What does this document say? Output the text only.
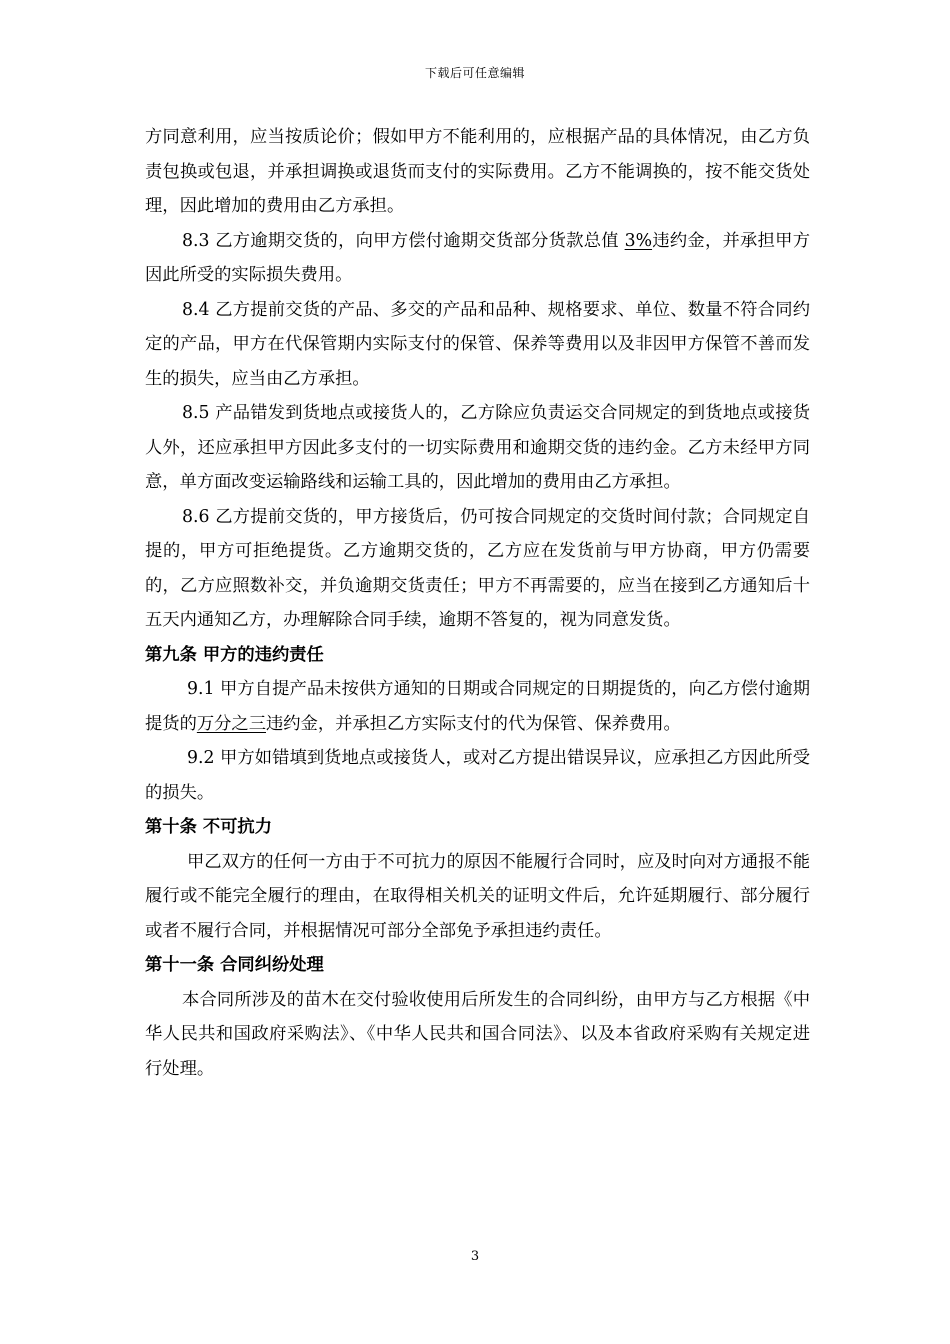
下载后可任意编辑

方同意利用，应当按质论价；假如甲方不能利用的，应根据产品的具体情况，由乙方负责包换或包退，并承担调换或退货而支付的实际费用。乙方不能调换的，按不能交货处理，因此增加的费用由乙方承担。

8.3 乙方逾期交货的，向甲方偿付逾期交货部分货款总值 3%违约金，并承担甲方因此所受的实际损失费用。

8.4 乙方提前交货的产品、多交的产品和品种、规格要求、单位、数量不符合同约定的产品，甲方在代保管期内实际支付的保管、保养等费用以及非因甲方保管不善而发生的损失，应当由乙方承担。

8.5 产品错发到货地点或接货人的，乙方除应负责运交合同规定的到货地点或接货人外，还应承担甲方因此多支付的一切实际费用和逾期交货的违约金。乙方未经甲方同意，单方面改变运输路线和运输工具的，因此增加的费用由乙方承担。

8.6 乙方提前交货的，甲方接货后，仍可按合同规定的交货时间付款；合同规定自提的，甲方可拒绝提货。乙方逾期交货的，乙方应在发货前与甲方协商，甲方仍需要的，乙方应照数补交，并负逾期交货责任；甲方不再需要的，应当在接到乙方通知后十五天内通知乙方，办理解除合同手续，逾期不答复的，视为同意发货。

第九条 甲方的违约责任

9.1 甲方自提产品未按供方通知的日期或合同规定的日期提货的，向乙方偿付逾期提货的万分之三违约金，并承担乙方实际支付的代为保管、保养费用。

9.2 甲方如错填到货地点或接货人，或对乙方提出错误异议，应承担乙方因此所受的损失。

第十条 不可抗力

甲乙双方的任何一方由于不可抗力的原因不能履行合同时，应及时向对方通报不能履行或不能完全履行的理由，在取得相关机关的证明文件后，允许延期履行、部分履行或者不履行合同，并根据情况可部分全部免予承担违约责任。

第十一条 合同纠纷处理

本合同所涉及的苗木在交付验收使用后所发生的合同纠纷，由甲方与乙方根据《中华人民共和国政府采购法》、《中华人民共和国合同法》、以及本省政府采购有关规定进行处理。

3
